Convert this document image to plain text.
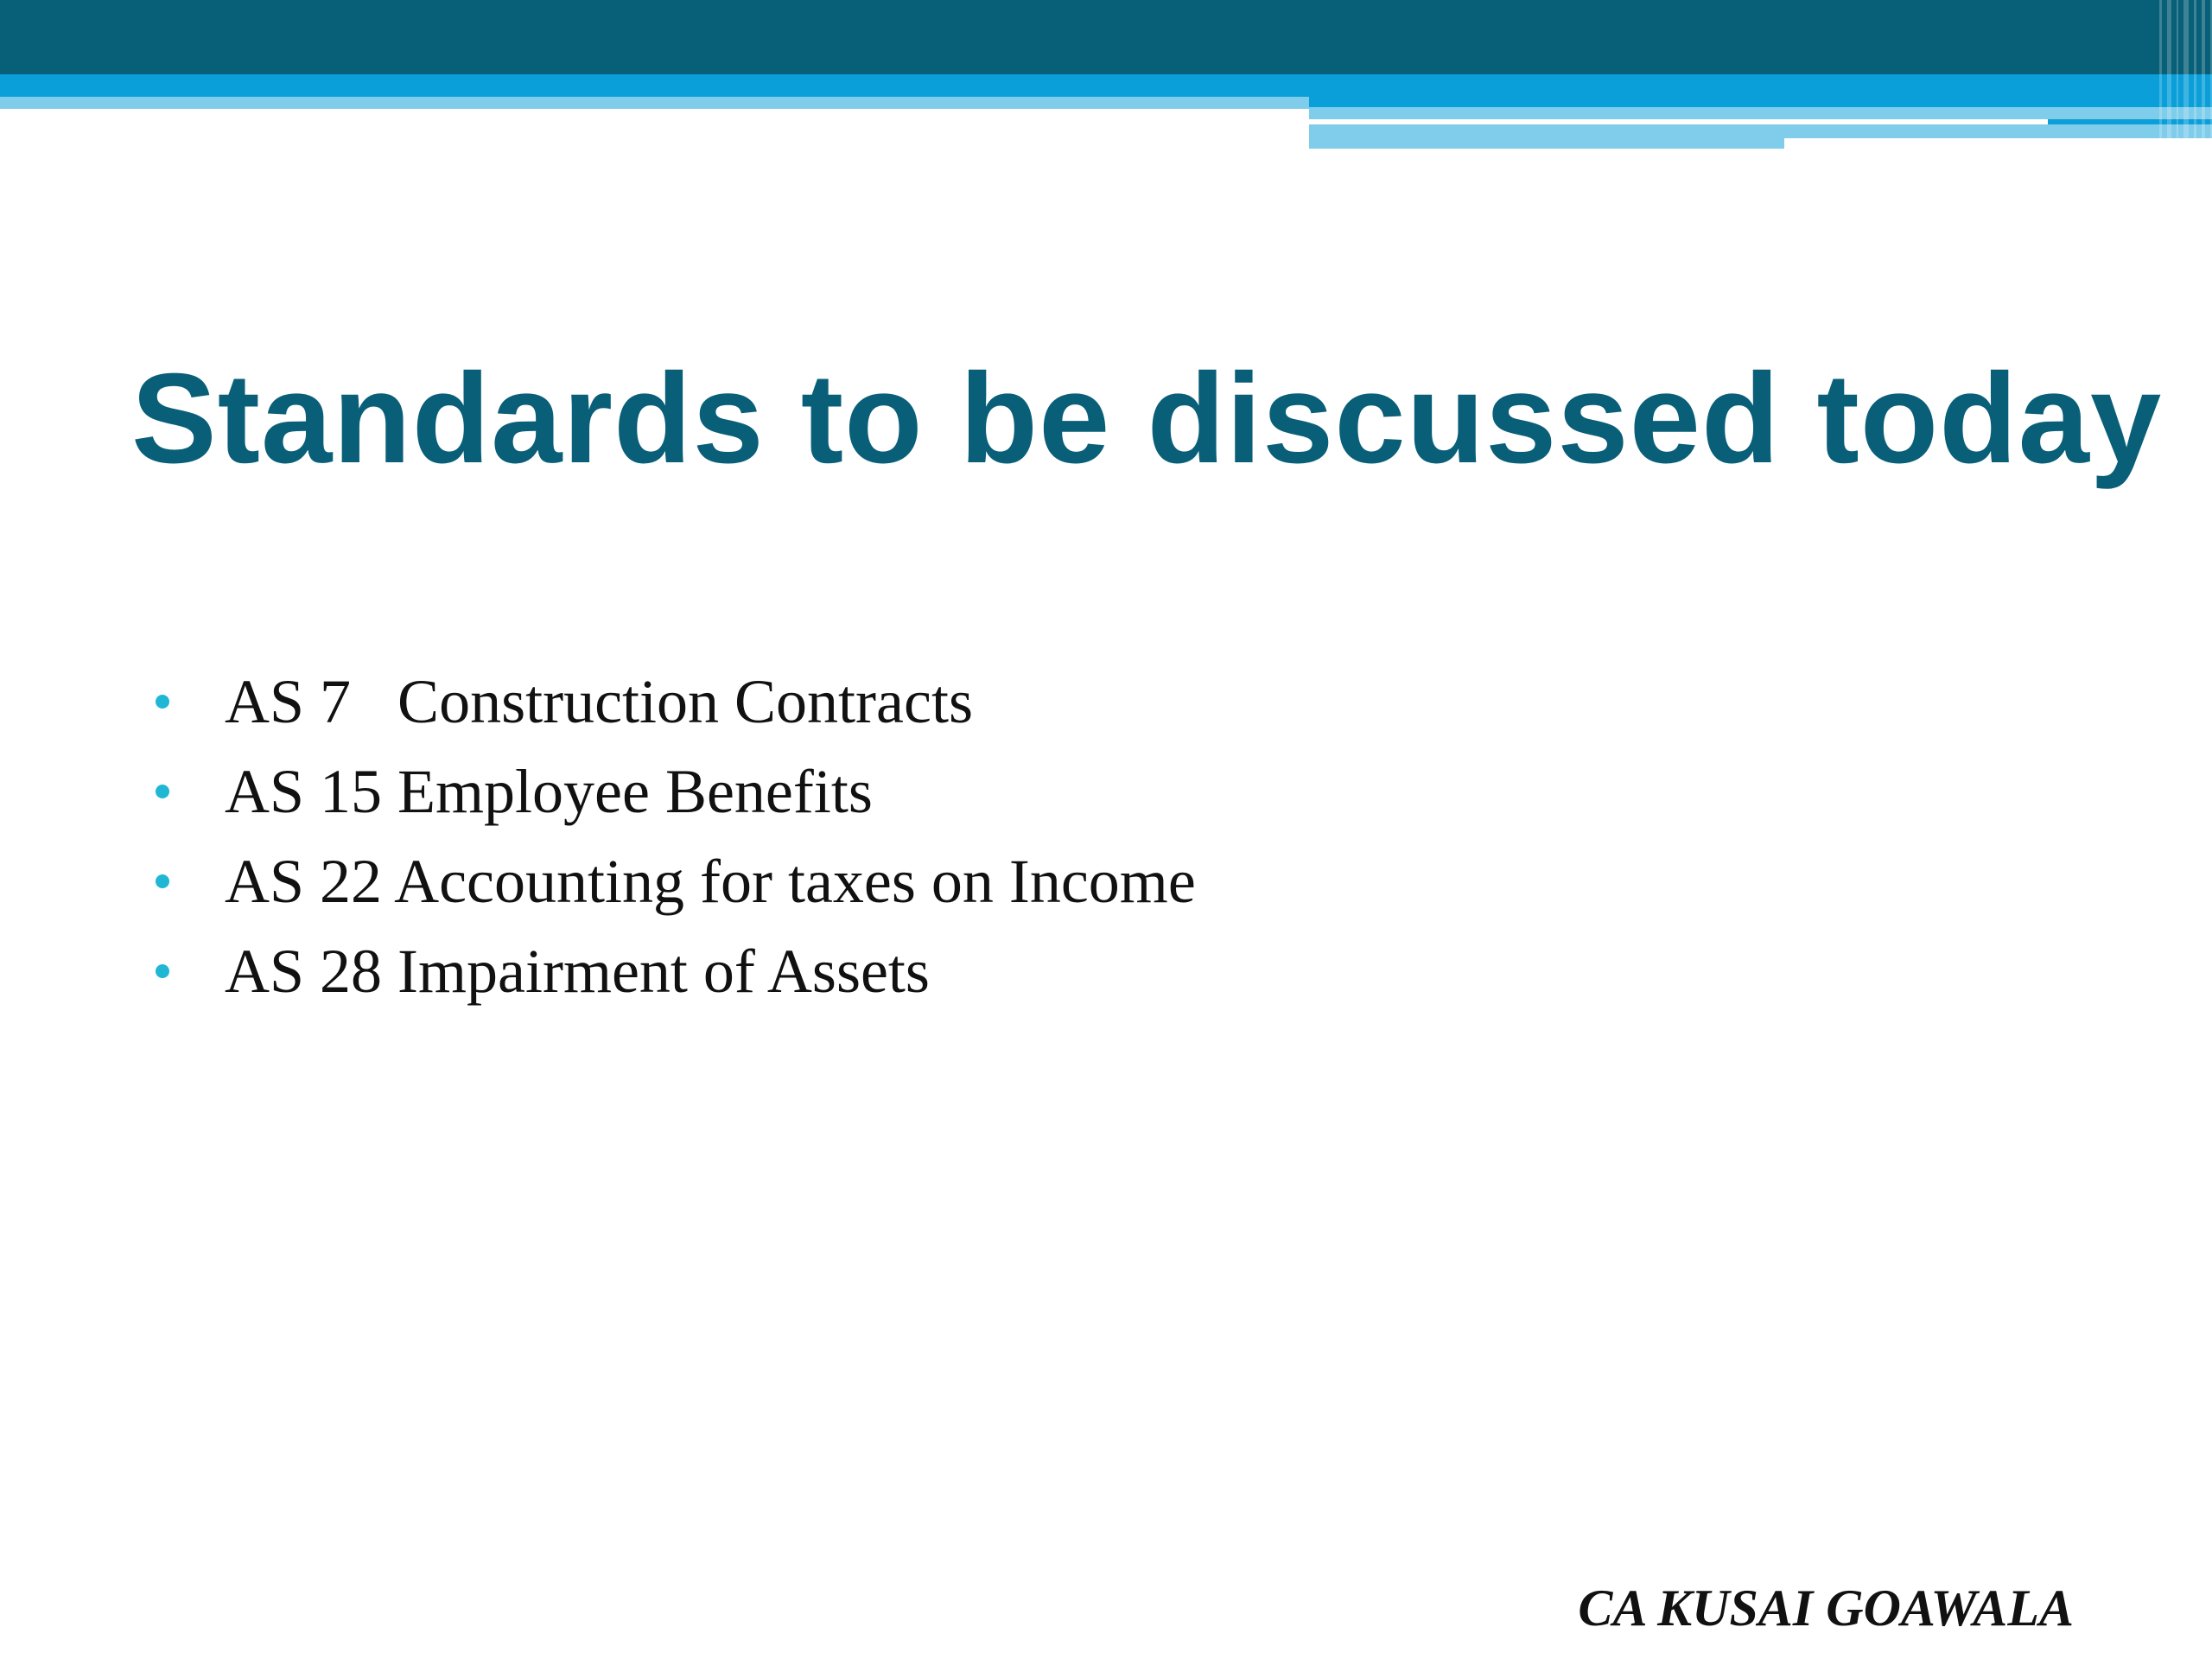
Standards to be discussed today
AS 7   Construction Contracts
AS 15 Employee Benefits
AS 22 Accounting for taxes on Income
AS 28 Impairment of Assets
CA KUSAI GOAWALA
